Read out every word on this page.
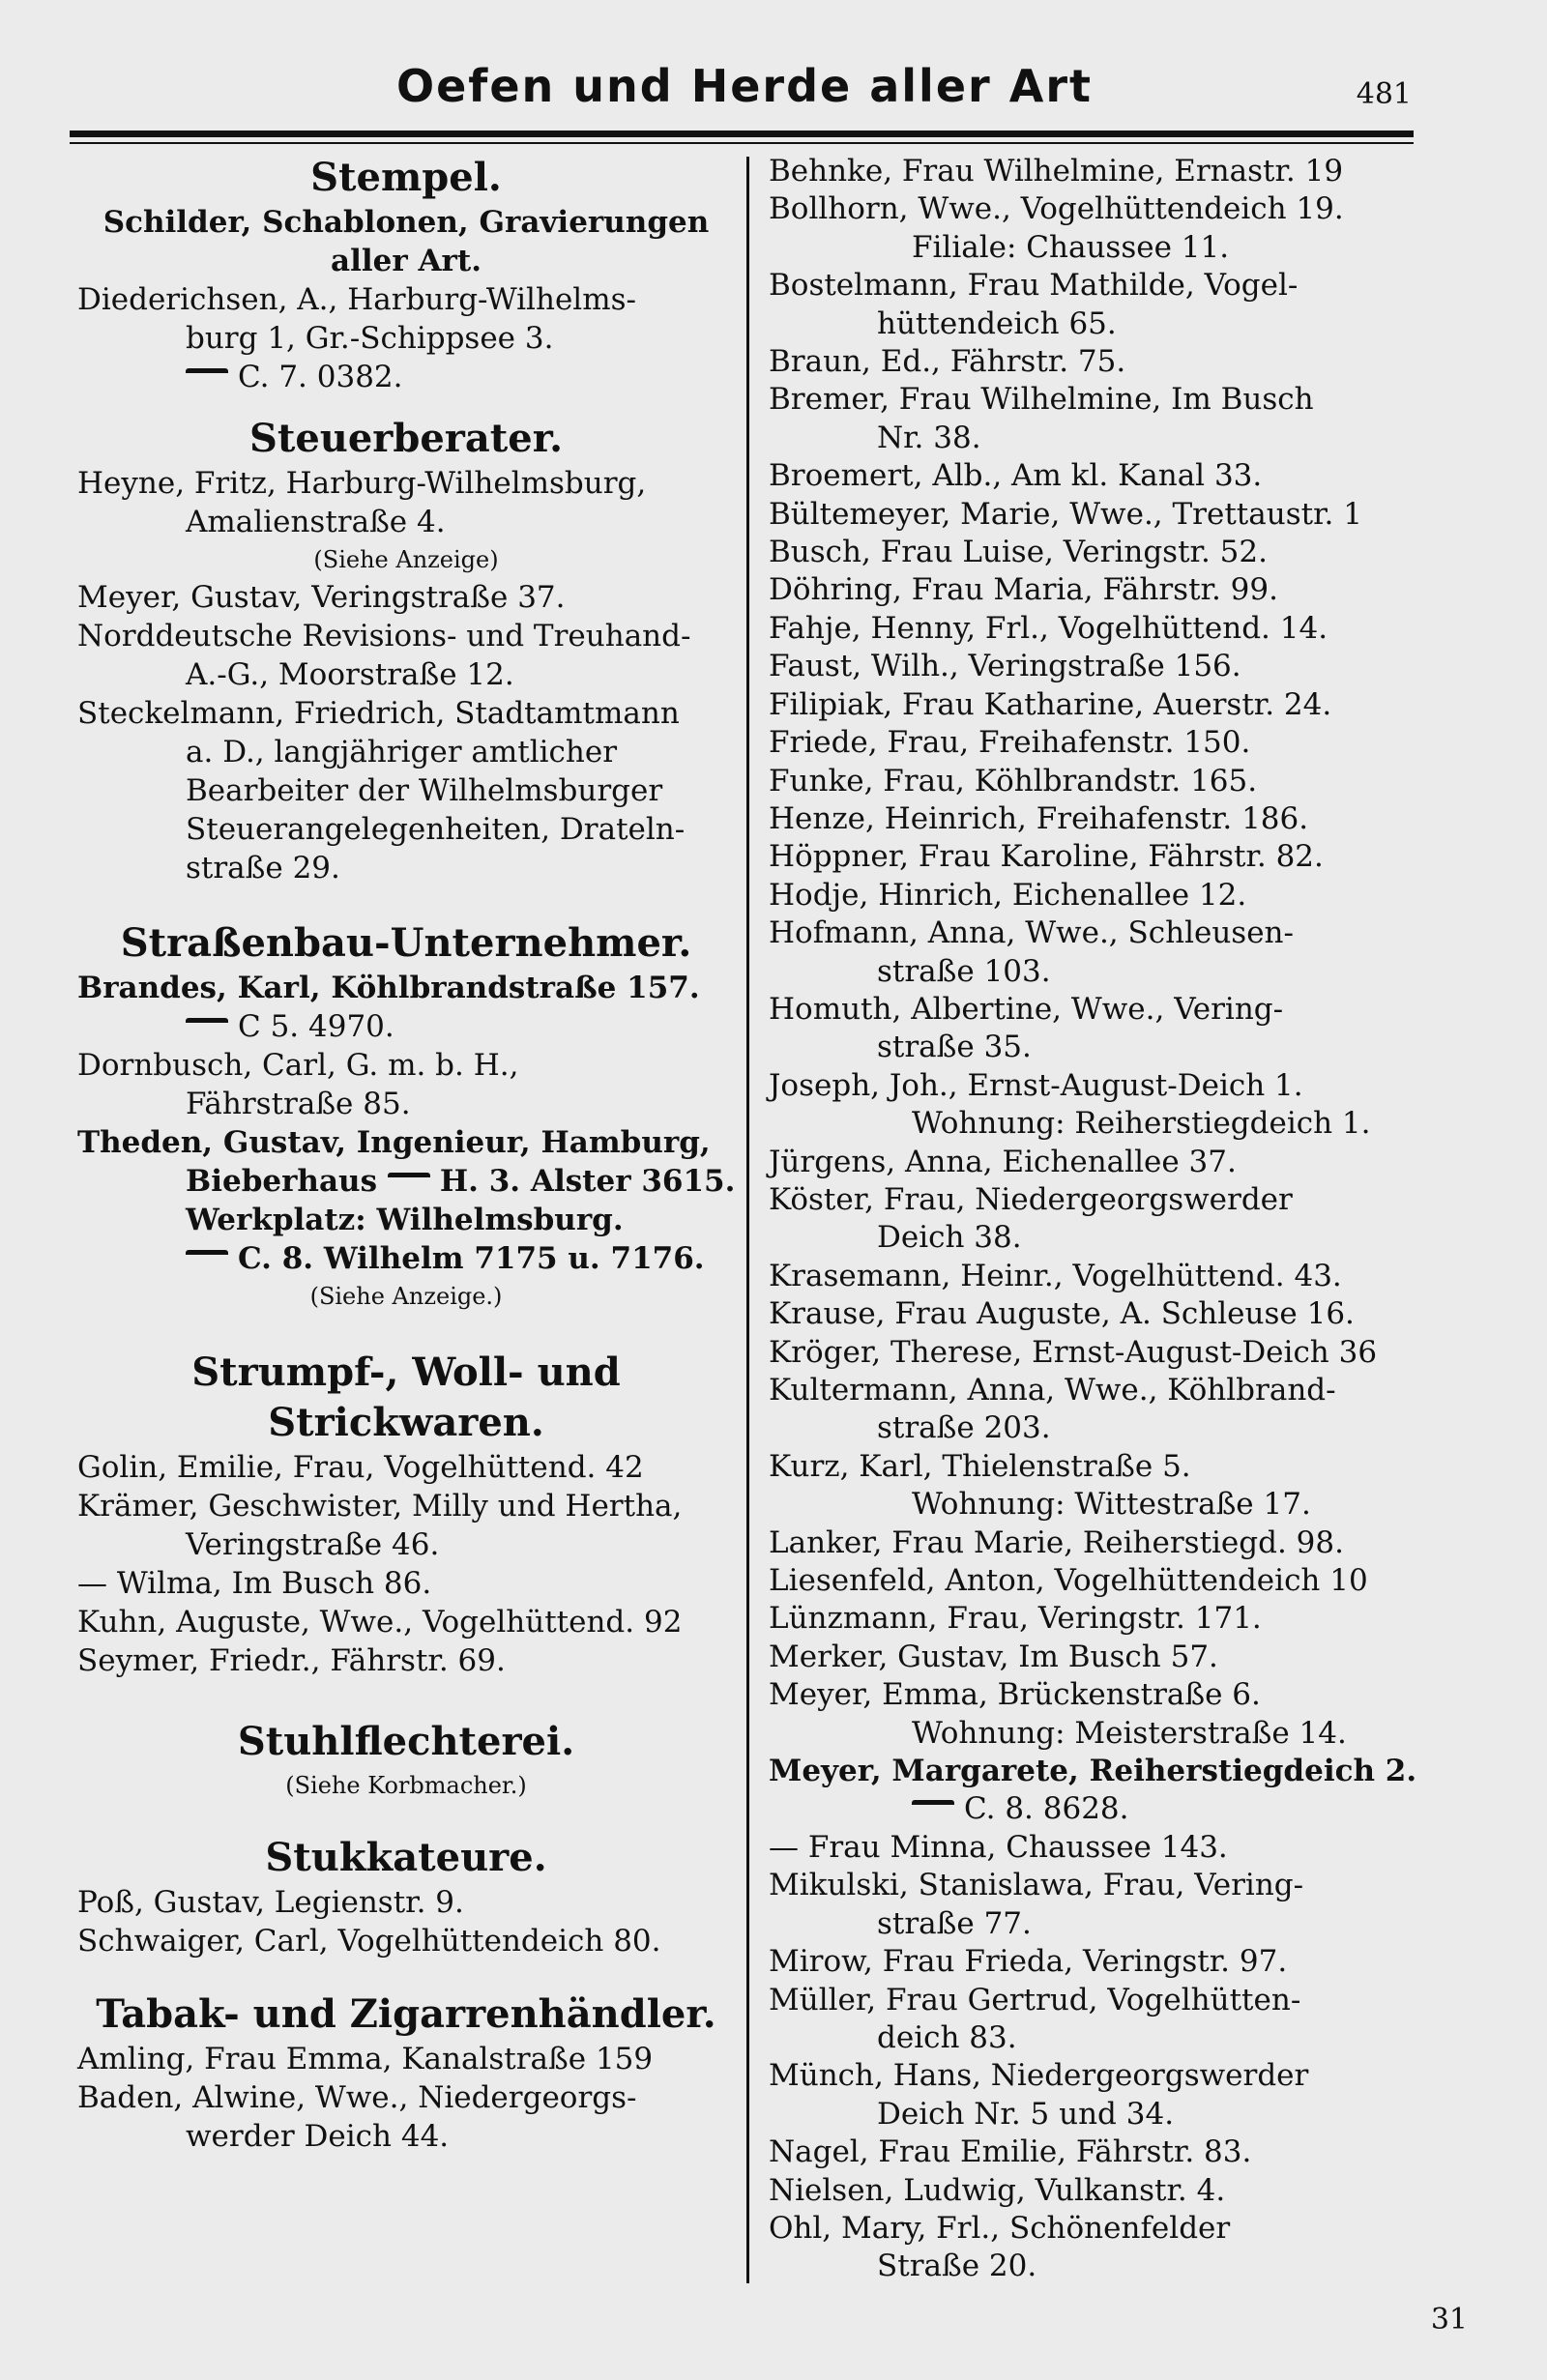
Oefen und Herde aller Art	481
Stempel.
Schilder, Schablonen, Gravierungen
aller Art.
Diederichsen, A., Harburg-Wilhelms-
burg 1, Gr.-Schippsee 3.
C. 7. 0382.
Steuerberater.
Heyne, Fritz, Harburg-Wilhelmsburg,
Amalienstraße 4.
(Siehe Anzeige)
Meyer, Gustav, Veringstraße 37.
Norddeutsche Revisions- und Treuhand-
A.-G., Moorstraße 12.
Steckelmann, Friedrich, Stadtamtmann
a. D., langjähriger amtlicher
Bearbeiter der Wilhelmsburger
Steuerangelegenheiten, Drateln-
straße 29.
Straßenbau-Unternehmer.
Brandes, Karl, Köhlbrandstraße 157.
C 5. 4970.
Dornbusch, Carl, G. m. b. H.,
Fährstraße 85.
Theden, Gustav, Ingenieur, Hamburg,
Bieberhaus H. 3. Alster 3615.
Werkplatz: Wilhelmsburg.
C. 8. Wilhelm 7175 u. 7176.
(Siehe Anzeige.)
Strumpf-, Woll- und Strickwaren.
Golin, Emilie, Frau, Vogelhüttend. 42
Krämer, Geschwister, Milly und Hertha,
Veringstraße 46.
— Wilma, Im Busch 86.
Kuhn, Auguste, Wwe., Vogelhüttend. 92
Seymer, Friedr., Fährstr. 69.
Stuhlflechterei.
(Siehe Korbmacher.)
Stukkateure.
Poß, Gustav, Legienstr. 9.
Schwaiger, Carl, Vogelhüttendeich 80.
Tabak- und Zigarrenhändler.
Amling, Frau Emma, Kanalstraße 159
Baden, Alwine, Wwe., Niedergeorgs-
werder Deich 44.
Behnke, Frau Wilhelmine, Ernastr. 19
Bollhorn, Wwe., Vogelhüttendeich 19.
Filiale: Chaussee 11.
Bostelmann, Frau Mathilde, Vogel-
hüttendeich 65.
Braun, Ed., Fährstr. 75.
Bremer, Frau Wilhelmine, Im Busch
Nr. 38.
Broemert, Alb., Am kl. Kanal 33.
Bültemeyer, Marie, Wwe., Trettaustr. 1
Busch, Frau Luise, Veringstr. 52.
Döhring, Frau Maria, Fährstr. 99.
Fahje, Henny, Frl., Vogelhüttend. 14.
Faust, Wilh., Veringstraße 156.
Filipiak, Frau Katharine, Auerstr. 24.
Friede, Frau, Freihafenstr. 150.
Funke, Frau, Köhlbrandstr. 165.
Henze, Heinrich, Freihafenstr. 186.
Höppner, Frau Karoline, Fährstr. 82.
Hodje, Hinrich, Eichenallee 12.
Hofmann, Anna, Wwe., Schleusen-
straße 103.
Homuth, Albertine, Wwe., Vering-
straße 35.
Joseph, Joh., Ernst-August-Deich 1.
Wohnung: Reiherstiegdeich 1.
Jürgens, Anna, Eichenallee 37.
Köster, Frau, Niedergeorgswerder
Deich 38.
Krasemann, Heinr., Vogelhüttend. 43.
Krause, Frau Auguste, A. Schleuse 16.
Kröger, Therese, Ernst-August-Deich 36
Kultermann, Anna, Wwe., Köhlbrand-
straße 203.
Kurz, Karl, Thielenstraße 5.
Wohnung: Wittestraße 17.
Lanker, Frau Marie, Reiherstiegd. 98.
Liesenfeld, Anton, Vogelhüttendeich 10
Lünzmann, Frau, Veringstr. 171.
Merker, Gustav, Im Busch 57.
Meyer, Emma, Brückenstraße 6.
Wohnung: Meisterstraße 14.
Meyer, Margarete, Reiherstiegdeich 2.
C. 8. 8628.
— Frau Minna, Chaussee 143.
Mikulski, Stanislawa, Frau, Vering-
straße 77.
Mirow, Frau Frieda, Veringstr. 97.
Müller, Frau Gertrud, Vogelhütten-
deich 83.
Münch, Hans, Niedergeorgswerder
Deich Nr. 5 und 34.
Nagel, Frau Emilie, Fährstr. 83.
Nielsen, Ludwig, Vulkanstr. 4.
Ohl, Mary, Frl., Schönenfelder
Straße 20.
31
